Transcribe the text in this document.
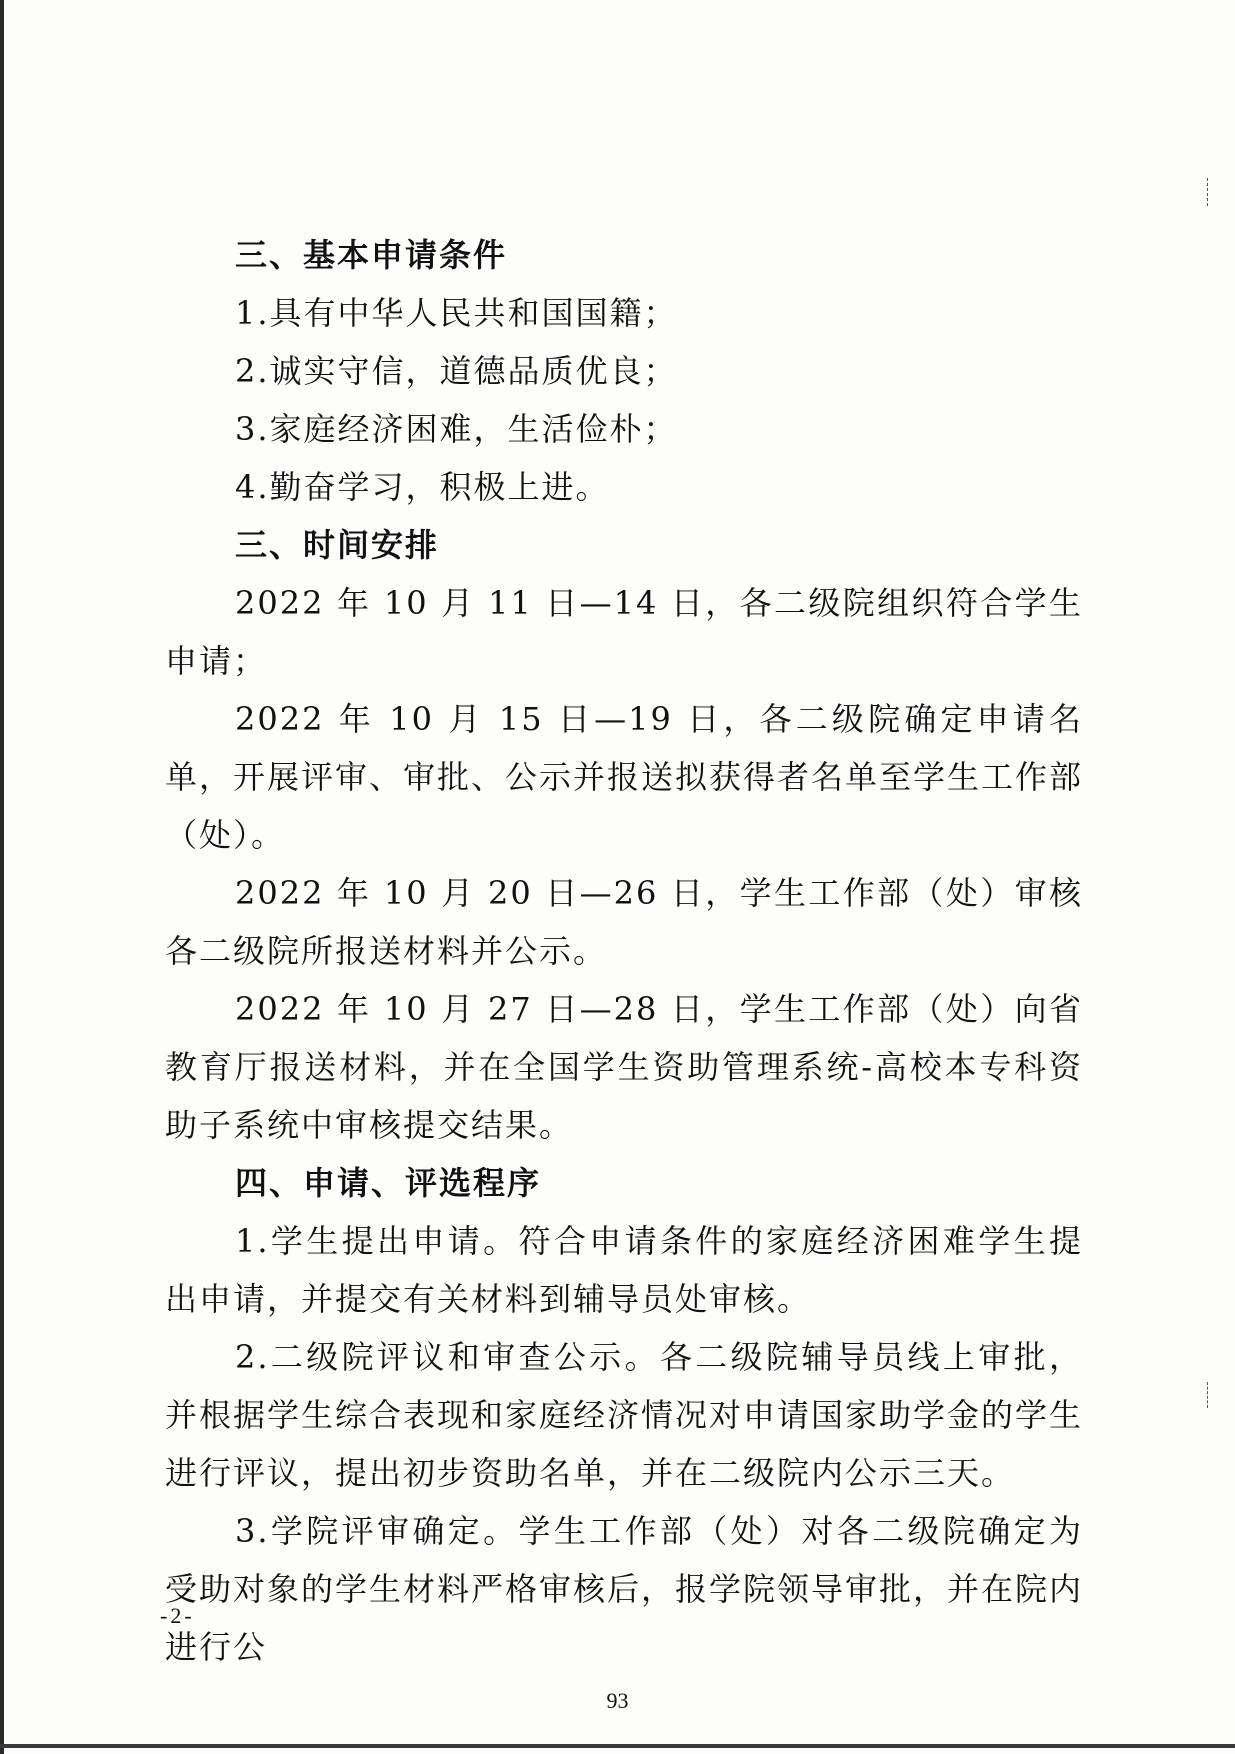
三、基本申请条件

1.具有中华人民共和国国籍；

2.诚实守信，道德品质优良；

3.家庭经济困难，生活俭朴；

4.勤奋学习，积极上进。

三、时间安排

2022 年 10 月 11 日—14 日，各二级院组织符合学生申请；

2022 年 10 月 15 日—19 日，各二级院确定申请名单，开展评审、审批、公示并报送拟获得者名单至学生工作部（处）。

2022 年 10 月 20 日—26 日，学生工作部（处）审核各二级院所报送材料并公示。

2022 年 10 月 27 日—28 日，学生工作部（处）向省教育厅报送材料，并在全国学生资助管理系统-高校本专科资助子系统中审核提交结果。

四、申请、评选程序

1.学生提出申请。符合申请条件的家庭经济困难学生提出申请，并提交有关材料到辅导员处审核。

2.二级院评议和审查公示。各二级院辅导员线上审批，并根据学生综合表现和家庭经济情况对申请国家助学金的学生进行评议，提出初步资助名单，并在二级院内公示三天。

3.学院评审确定。学生工作部（处）对各二级院确定为受助对象的学生材料严格审核后，报学院领导审批，并在院内进行公

-2-
93
